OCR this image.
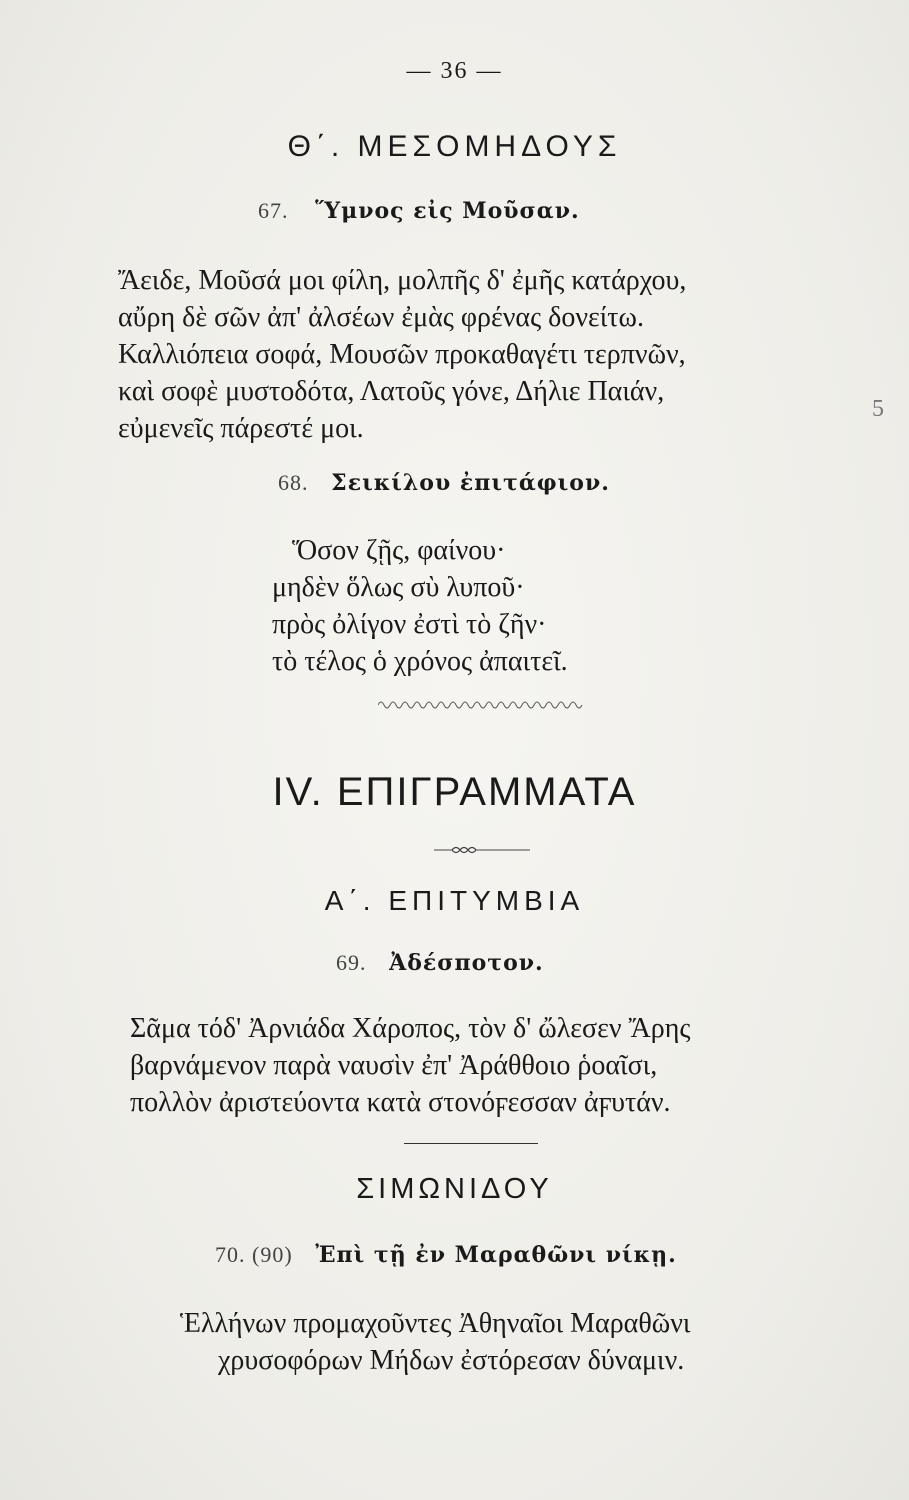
— 36 —
Θ΄. ΜΕΣΟΜΗΔΟΥΣ
67. Ὕμνος εἰς Μοῦσαν.
Ἄειδε, Μοῦσά μοι φίλη, μολπῆς δ' ἐμῆς κατάρχου,
αὔρη δὲ σῶν ἀπ' ἀλσέων ἐμὰς φρένας δονείτω.
Καλλιόπεια σοφά, Μουσῶν προκαθαγέτι τερπνῶν,
καὶ σοφὲ μυστοδότα, Λατοῦς γόνε, Δήλιε Παιάν,
εὐμενεῖς πάρεστέ μοι.
5
68. Σεικίλου ἐπιτάφιον.
Ὅσον ζῇς, φαίνου·
μηδὲν ὅλως σὺ λυποῦ·
πρὸς ὀλίγον ἐστὶ τὸ ζῆν·
τὸ τέλος ὁ χρόνος ἀπαιτεῖ.
IV. ΕΠΙΓΡΑΜΜΑΤΑ
Α΄. ΕΠΙΤΥΜΒΙΑ
69. Ἀδέσποτον.
Σᾶμα τόδ' Ἀρνιάδα Χάροπος, τὸν δ' ὤλεσεν Ἄρης
βαρνάμενον παρὰ ναυσὶν ἐπ' Ἀράθθοιο ῥοαῖσι,
πολλὸν ἀριστεύοντα κατὰ στονόϝεσσαν ἀϝυτάν.
ΣΙΜΩΝΙΔΟΥ
70. (90) Ἐπὶ τῇ ἐν Μαραθῶνι νίκῃ.
Ἑλλήνων προμαχοῦντες Ἀθηναῖοι Μαραθῶνι
χρυσοφόρων Μήδων ἐστόρεσαν δύναμιν.
